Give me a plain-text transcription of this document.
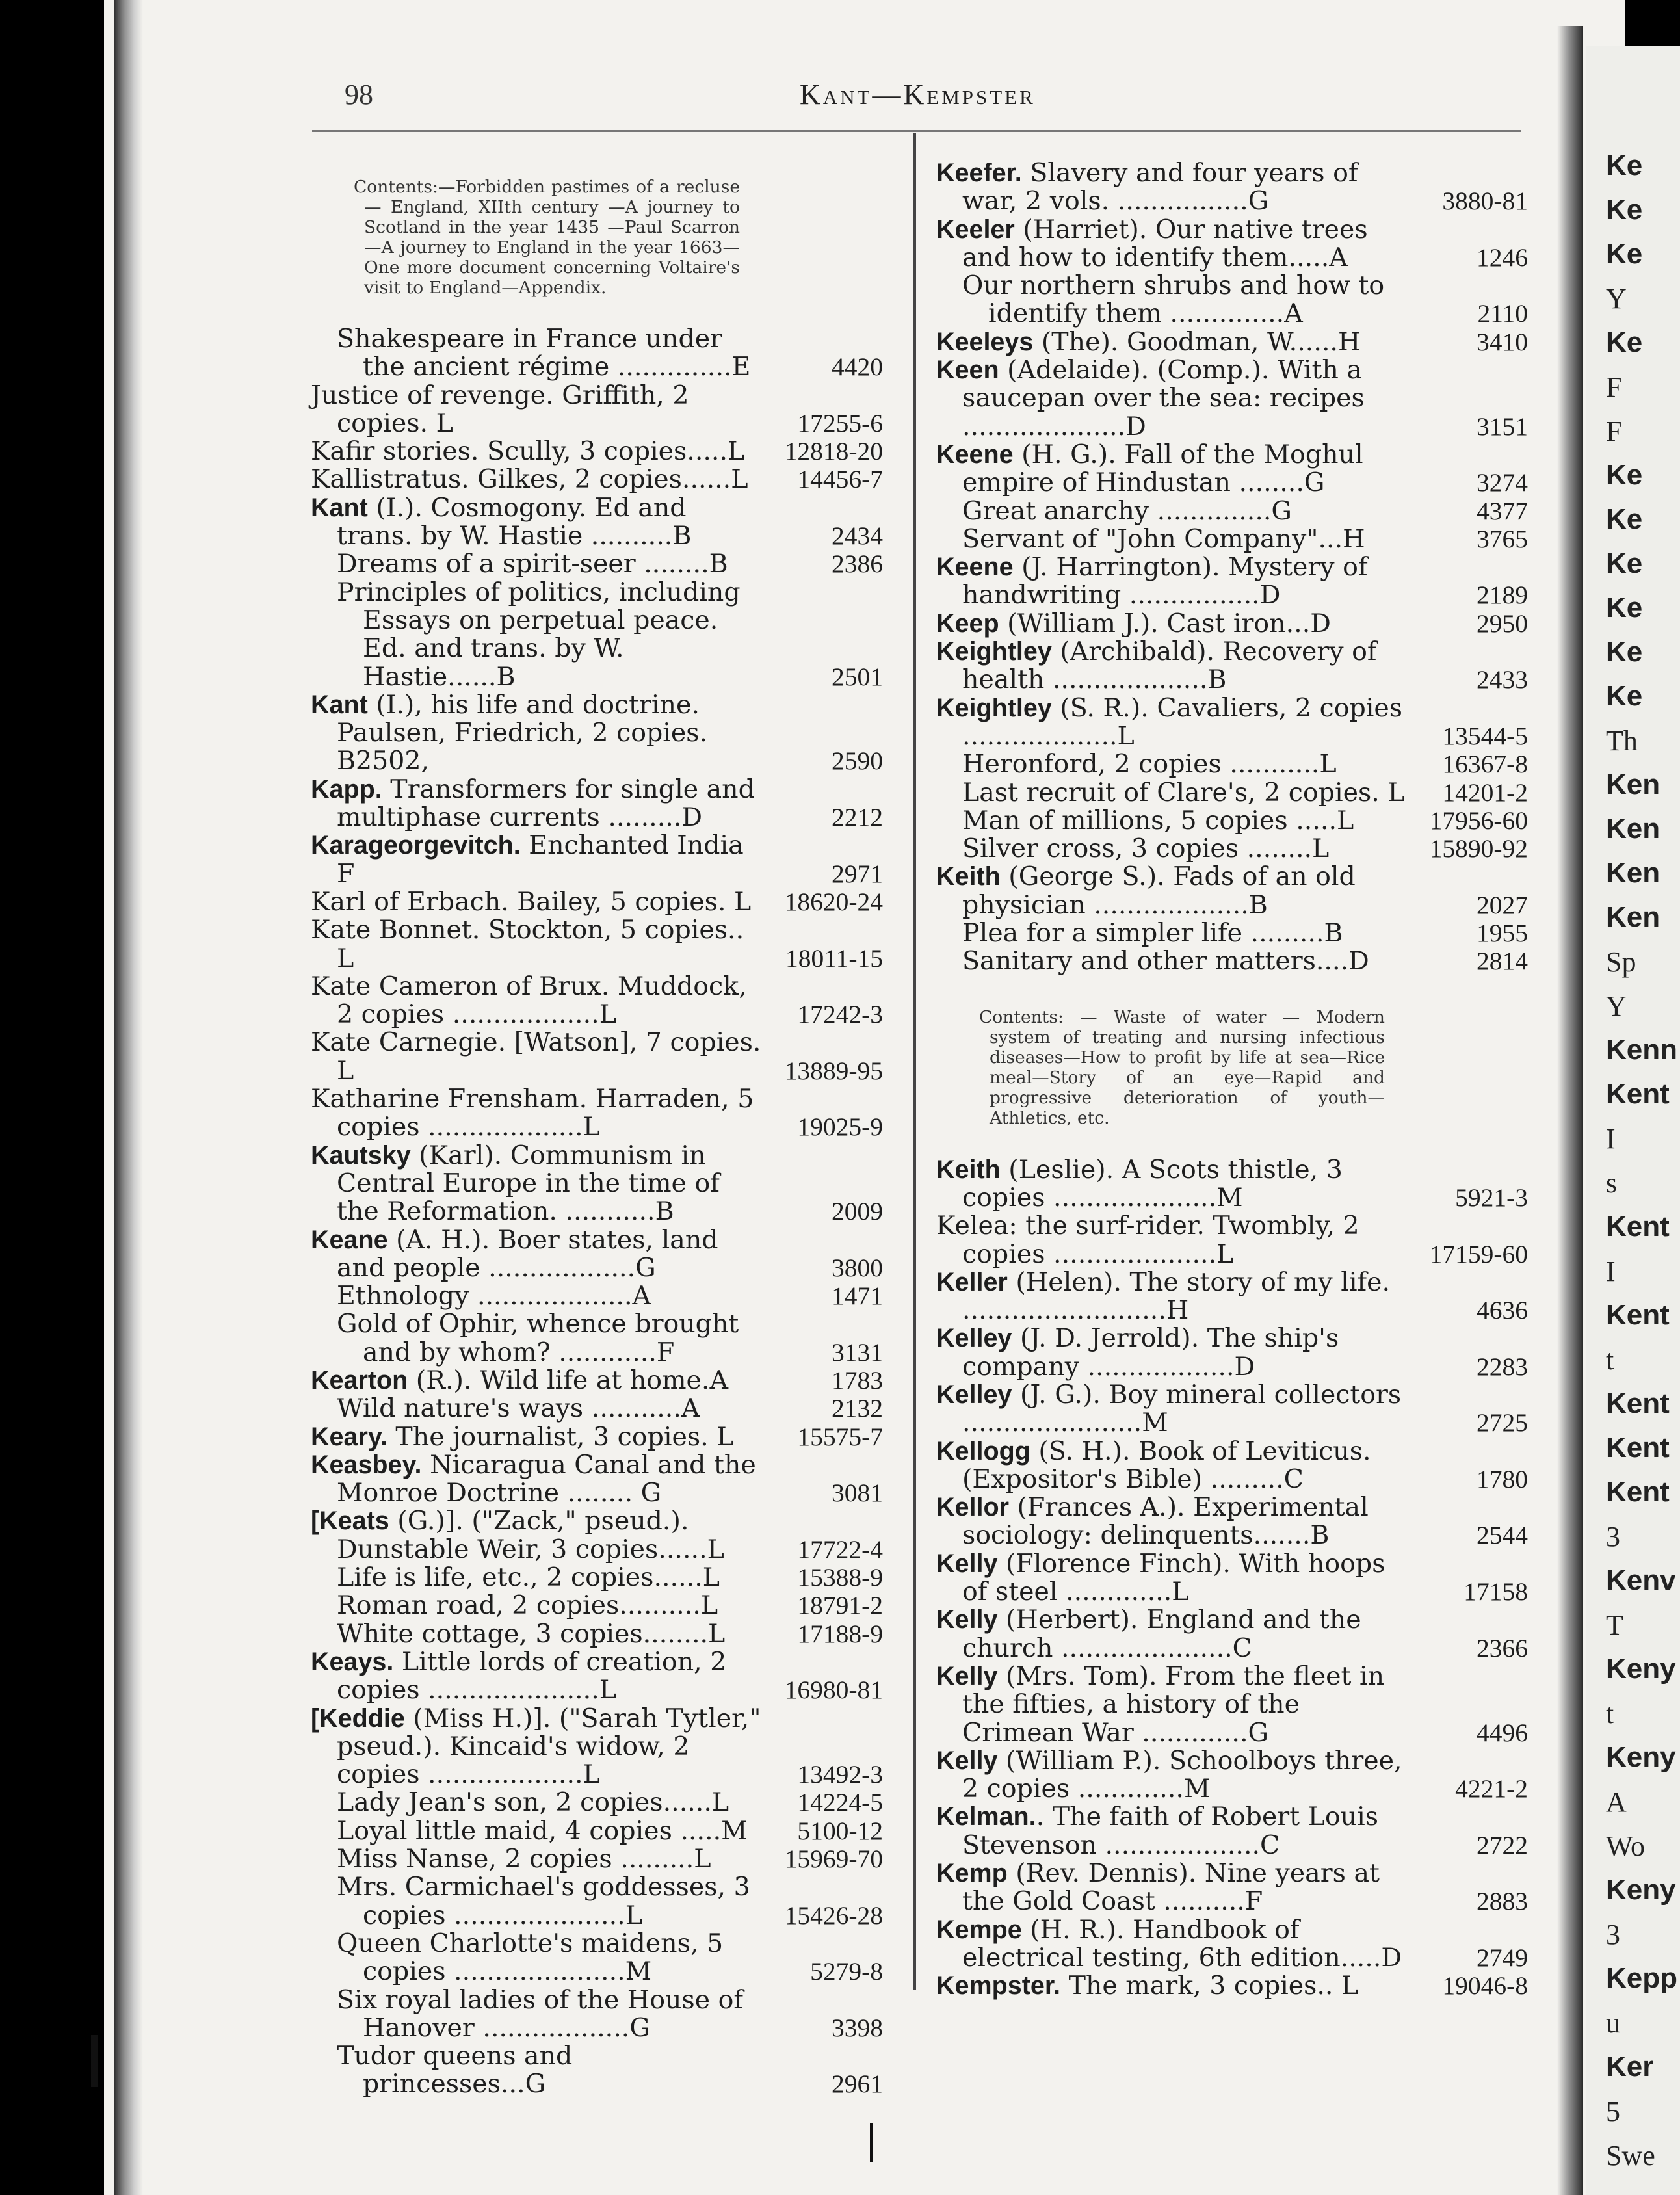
Ke
Ke
Ke
Y
Ke
F
F
Ke
Ke
Ke
Ke
Ke
Ke
Th
Ken
Ken
Ken
Ken
Sp
Y
Kenn
Kent
I
s
Kent
I
Kent
t
Kent
Kent
Kent
3
Kenv
T
Keny
t
Keny
A
Wo
Keny
3
Kepp
u
Ker
5
Swe
98	Kant—Kempster

Contents:—Forbidden pastimes of a recluse — England, XIIth century —A journey to Scotland in the year 1435 —Paul Scarron—A journey to England in the year 1663—One more document concerning Voltaire's visit to England—Appendix.

Shakespeare in France under the ancient régime ..............E	4420

Justice of revenge. Griffith, 2 copies. L	17255-6

Kafir stories. Scully, 3 copies.....L	12818-20

Kallistratus. Gilkes, 2 copies......L	14456-7

Kant (I.). Cosmogony. Ed and trans. by W. Hastie ..........B	2434

Dreams of a spirit-seer ........B	2386

Principles of politics, including Essays on perpetual peace. Ed. and trans. by W. Hastie......B	2501

Kant (I.), his life and doctrine. Paulsen, Friedrich, 2 copies. B2502,	2590

Kapp. Transformers for single and multiphase currents .........D	2212

Karageorgevitch. Enchanted India F	2971

Karl of Erbach. Bailey, 5 copies. L	18620-24

Kate Bonnet. Stockton, 5 copies.. L	18011-15

Kate Cameron of Brux. Muddock, 2 copies ..................L	17242-3

Kate Carnegie. [Watson], 7 copies. L	13889-95

Katharine Frensham. Harraden, 5 copies ...................L	19025-9

Kautsky (Karl). Communism in Central Europe in the time of the Reformation. ...........B	2009

Keane (A. H.). Boer states, land and people ..................G	3800

Ethnology ...................A	1471

Gold of Ophir, whence brought and by whom? ............F	3131

Kearton (R.). Wild life at home.A	1783

Wild nature's ways ...........A	2132

Keary. The journalist, 3 copies. L	15575-7

Keasbey. Nicaragua Canal and the Monroe Doctrine ........ G	3081

[Keats (G.)]. ("Zack," pseud.).

Dunstable Weir, 3 copies......L	17722-4

Life is life, etc., 2 copies......L	15388-9

Roman road, 2 copies..........L	18791-2

White cottage, 3 copies........L	17188-9

Keays. Little lords of creation, 2 copies .....................L	16980-81

[Keddie (Miss H.)]. ("Sarah Tytler," pseud.). Kincaid's widow, 2 copies ...................L	13492-3

Lady Jean's son, 2 copies......L	14224-5

Loyal little maid, 4 copies .....M	5100-12

Miss Nanse, 2 copies .........L	15969-70

Mrs. Carmichael's goddesses, 3 copies .....................L	15426-28

Queen Charlotte's maidens, 5 copies .....................M	5279-8

Six royal ladies of the House of Hanover ..................G	3398

Tudor queens and princesses...G	2961

Keefer. Slavery and four years of war, 2 vols. ................G	3880-81

Keeler (Harriet). Our native trees and how to identify them.....A	1246

Our northern shrubs and how to identify them ..............A	2110

Keeleys (The). Goodman, W......H	3410

Keen (Adelaide). (Comp.). With a saucepan over the sea: recipes ....................D	3151

Keene (H. G.). Fall of the Moghul empire of Hindustan ........G	3274

Great anarchy ..............G	4377

Servant of "John Company"...H	3765

Keene (J. Harrington). Mystery of handwriting ................D	2189

Keep (William J.). Cast iron...D	2950

Keightley (Archibald). Recovery of health ...................B	2433

Keightley (S. R.). Cavaliers, 2 copies ...................L	13544-5

Heronford, 2 copies ...........L	16367-8

Last recruit of Clare's, 2 copies. L	14201-2

Man of millions, 5 copies .....L	17956-60

Silver cross, 3 copies ........L	15890-92

Keith (George S.). Fads of an old physician ...................B	2027

Plea for a simpler life .........B	1955

Sanitary and other matters....D	2814

Contents: — Waste of water — Modern system of treating and nursing infectious diseases—How to profit by life at sea—Rice meal—Story of an eye—Rapid and progressive deterioration of youth—Athletics, etc.

Keith (Leslie). A Scots thistle, 3 copies ....................M	5921-3

Kelea: the surf-rider. Twombly, 2 copies ....................L	17159-60

Keller (Helen). The story of my life. .........................H	4636

Kelley (J. D. Jerrold). The ship's company ..................D	2283

Kelley (J. G.). Boy mineral collectors ......................M	2725

Kellogg (S. H.). Book of Leviticus. (Expositor's Bible) .........C	1780

Kellor (Frances A.). Experimental sociology: delinquents.......B	2544

Kelly (Florence Finch). With hoops of steel .............L	17158

Kelly (Herbert). England and the church .....................C	2366

Kelly (Mrs. Tom). From the fleet in the fifties, a history of the Crimean War .............G	4496

Kelly (William P.). Schoolboys three, 2 copies .............M	4221-2

Kelman.. The faith of Robert Louis Stevenson ...................C	2722

Kemp (Rev. Dennis). Nine years at the Gold Coast ..........F	2883

Kempe (H. R.). Handbook of electrical testing, 6th edition.....D	2749

Kempster. The mark, 3 copies.. L	19046-8
